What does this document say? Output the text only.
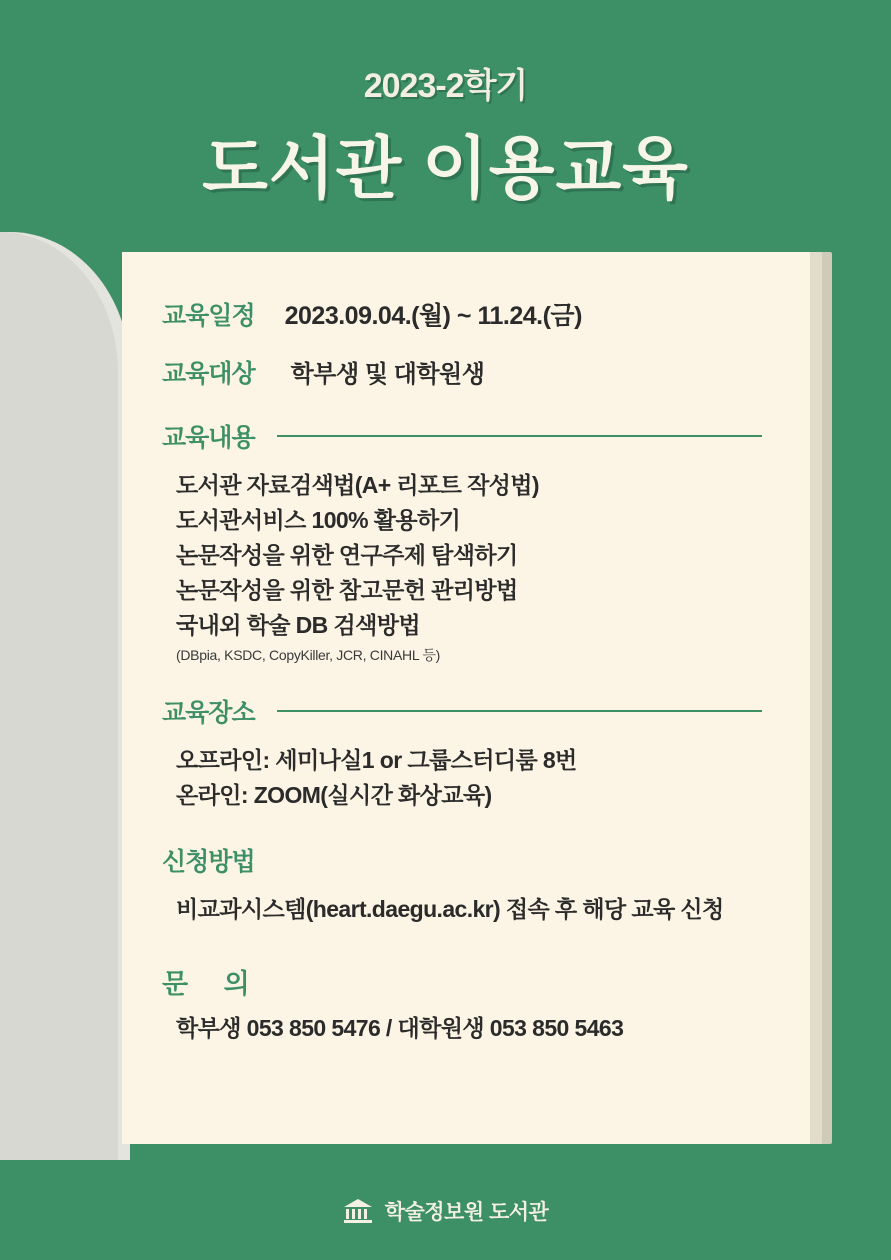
2023-2학기
도서관 이용교육
교육일정 2023.09.04.(월) ~ 11.24.(금)
교육대상 학부생 및 대학원생
교육내용
도서관 자료검색법(A+ 리포트 작성법)
도서관서비스 100% 활용하기
논문작성을 위한 연구주제 탐색하기
논문작성을 위한 참고문헌 관리방법
국내외 학술 DB 검색방법
(DBpia, KSDC, CopyKiller, JCR, CINAHL 등)
교육장소
오프라인: 세미나실1 or 그룹스터디룸 8번
온라인: ZOOM(실시간 화상교육)
신청방법
비교과시스템(heart.daegu.ac.kr) 접속 후 해당 교육 신청
문 의
학부생 053 850 5476 / 대학원생 053 850 5463
학술정보원 도서관
